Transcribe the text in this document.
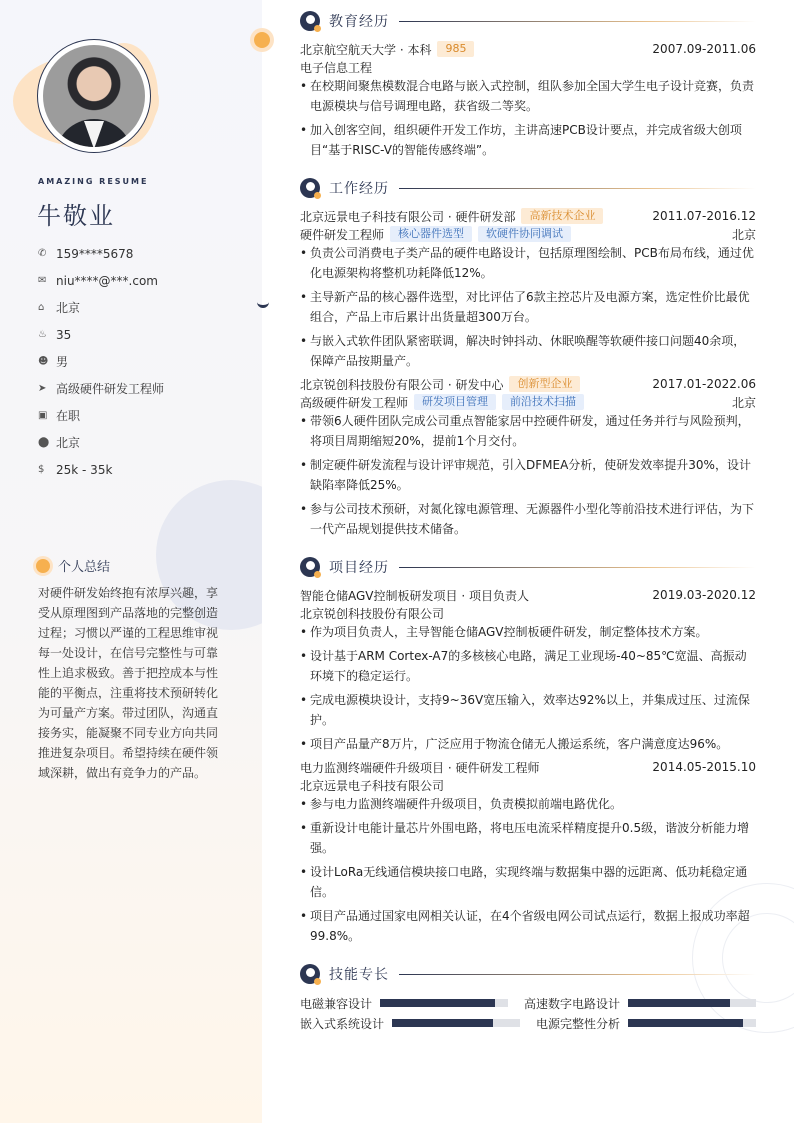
AMAZING RESUME
牛敬业
✆ 159****5678
✉ niu****@***.com
⌂ 北京
♨ 35
☻ 男
➤ 高级硬件研发工程师
▣ 在职
⬤ 北京
$ 25k - 35k
个人总结
对硬件研发始终抱有浓厚兴趣，享受从原理图到产品落地的完整创造过程；习惯以严谨的工程思维审视每一处设计，在信号完整性与可靠性上追求极致。善于把控成本与性能的平衡点，注重将技术预研转化为可量产方案。带过团队，沟通直接务实，能凝聚不同专业方向共同推进复杂项目。希望持续在硬件领域深耕，做出有竞争力的产品。
教育经历
北京航空航天大学 · 本科	985	2007.09-2011.06
电子信息工程
• 在校期间聚焦模数混合电路与嵌入式控制，组队参加全国大学生电子设计竞赛，负责电源模块与信号调理电路，获省级二等奖。
• 加入创客空间，组织硬件开发工作坊，主讲高速PCB设计要点，并完成省级大创项目“基于RISC-V的智能传感终端”。
工作经历
北京远景电子科技有限公司 · 硬件研发部	高新技术企业	2011.07-2016.12
硬件研发工程师	核心器件选型	软硬件协同调试	北京
• 负责公司消费电子类产品的硬件电路设计，包括原理图绘制、PCB布局布线，通过优化电源架构将整机功耗降低12%。
• 主导新产品的核心器件选型，对比评估了6款主控芯片及电源方案，选定性价比最优组合，产品上市后累计出货量超300万台。
• 与嵌入式软件团队紧密联调，解决时钟抖动、休眠唤醒等软硬件接口问题40余项，保障产品按期量产。
北京锐创科技股份有限公司 · 研发中心	创新型企业	2017.01-2022.06
高级硬件研发工程师	研发项目管理	前沿技术扫描	北京
• 带领6人硬件团队完成公司重点智能家居中控硬件研发，通过任务并行与风险预判，将项目周期缩短20%，提前1个月交付。
• 制定硬件研发流程与设计评审规范，引入DFMEA分析，使研发效率提升30%，设计缺陷率降低25%。
• 参与公司技术预研，对氮化镓电源管理、无源器件小型化等前沿技术进行评估，为下一代产品规划提供技术储备。
项目经历
智能仓储AGV控制板研发项目 · 项目负责人	2019.03-2020.12
北京锐创科技股份有限公司
• 作为项目负责人，主导智能仓储AGV控制板硬件研发，制定整体技术方案。
• 设计基于ARM Cortex-A7的多核核心电路，满足工业现场-40~85℃宽温、高振动环境下的稳定运行。
• 完成电源模块设计，支持9~36V宽压输入，效率达92%以上，并集成过压、过流保护。
• 项目产品量产8万片，广泛应用于物流仓储无人搬运系统，客户满意度达96%。
电力监测终端硬件升级项目 · 硬件研发工程师	2014.05-2015.10
北京远景电子科技有限公司
• 参与电力监测终端硬件升级项目，负责模拟前端电路优化。
• 重新设计电能计量芯片外围电路，将电压电流采样精度提升0.5级，谐波分析能力增强。
• 设计LoRa无线通信模块接口电路，实现终端与数据集中器的远距离、低功耗稳定通信。
• 项目产品通过国家电网相关认证，在4个省级电网公司试点运行，数据上报成功率超99.8%。
技能专长
电磁兼容设计	高速数字电路设计
嵌入式系统设计	电源完整性分析
